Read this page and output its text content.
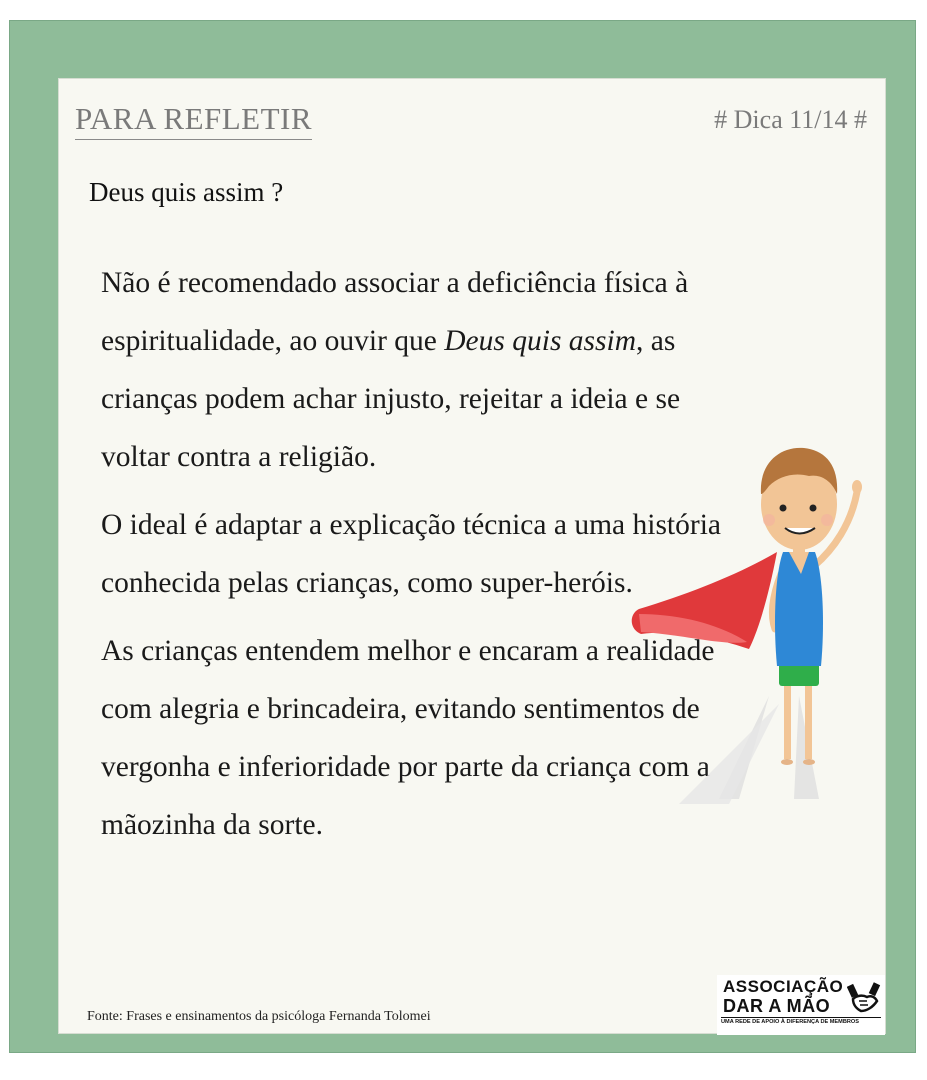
PARA REFLETIR	# Dica 11/14 #
Deus quis assim ?

Não é recomendado associar a deficiência física à espiritualidade, ao ouvir que Deus quis assim, as crianças podem achar injusto, rejeitar a ideia e se voltar contra a religião.

O ideal é adaptar a explicação técnica a uma história conhecida pelas crianças, como super-heróis.

As crianças entendem melhor e encaram a realidade com alegria e brincadeira, evitando sentimentos de vergonha e inferioridade por parte da criança com a mãozinha da sorte.

Fonte: Frases e ensinamentos da psicóloga Fernanda Tolomei
ASSOCIAÇÃO
DAR A MÃO
UMA REDE DE APOIO À DIFERENÇA DE MEMBROS
